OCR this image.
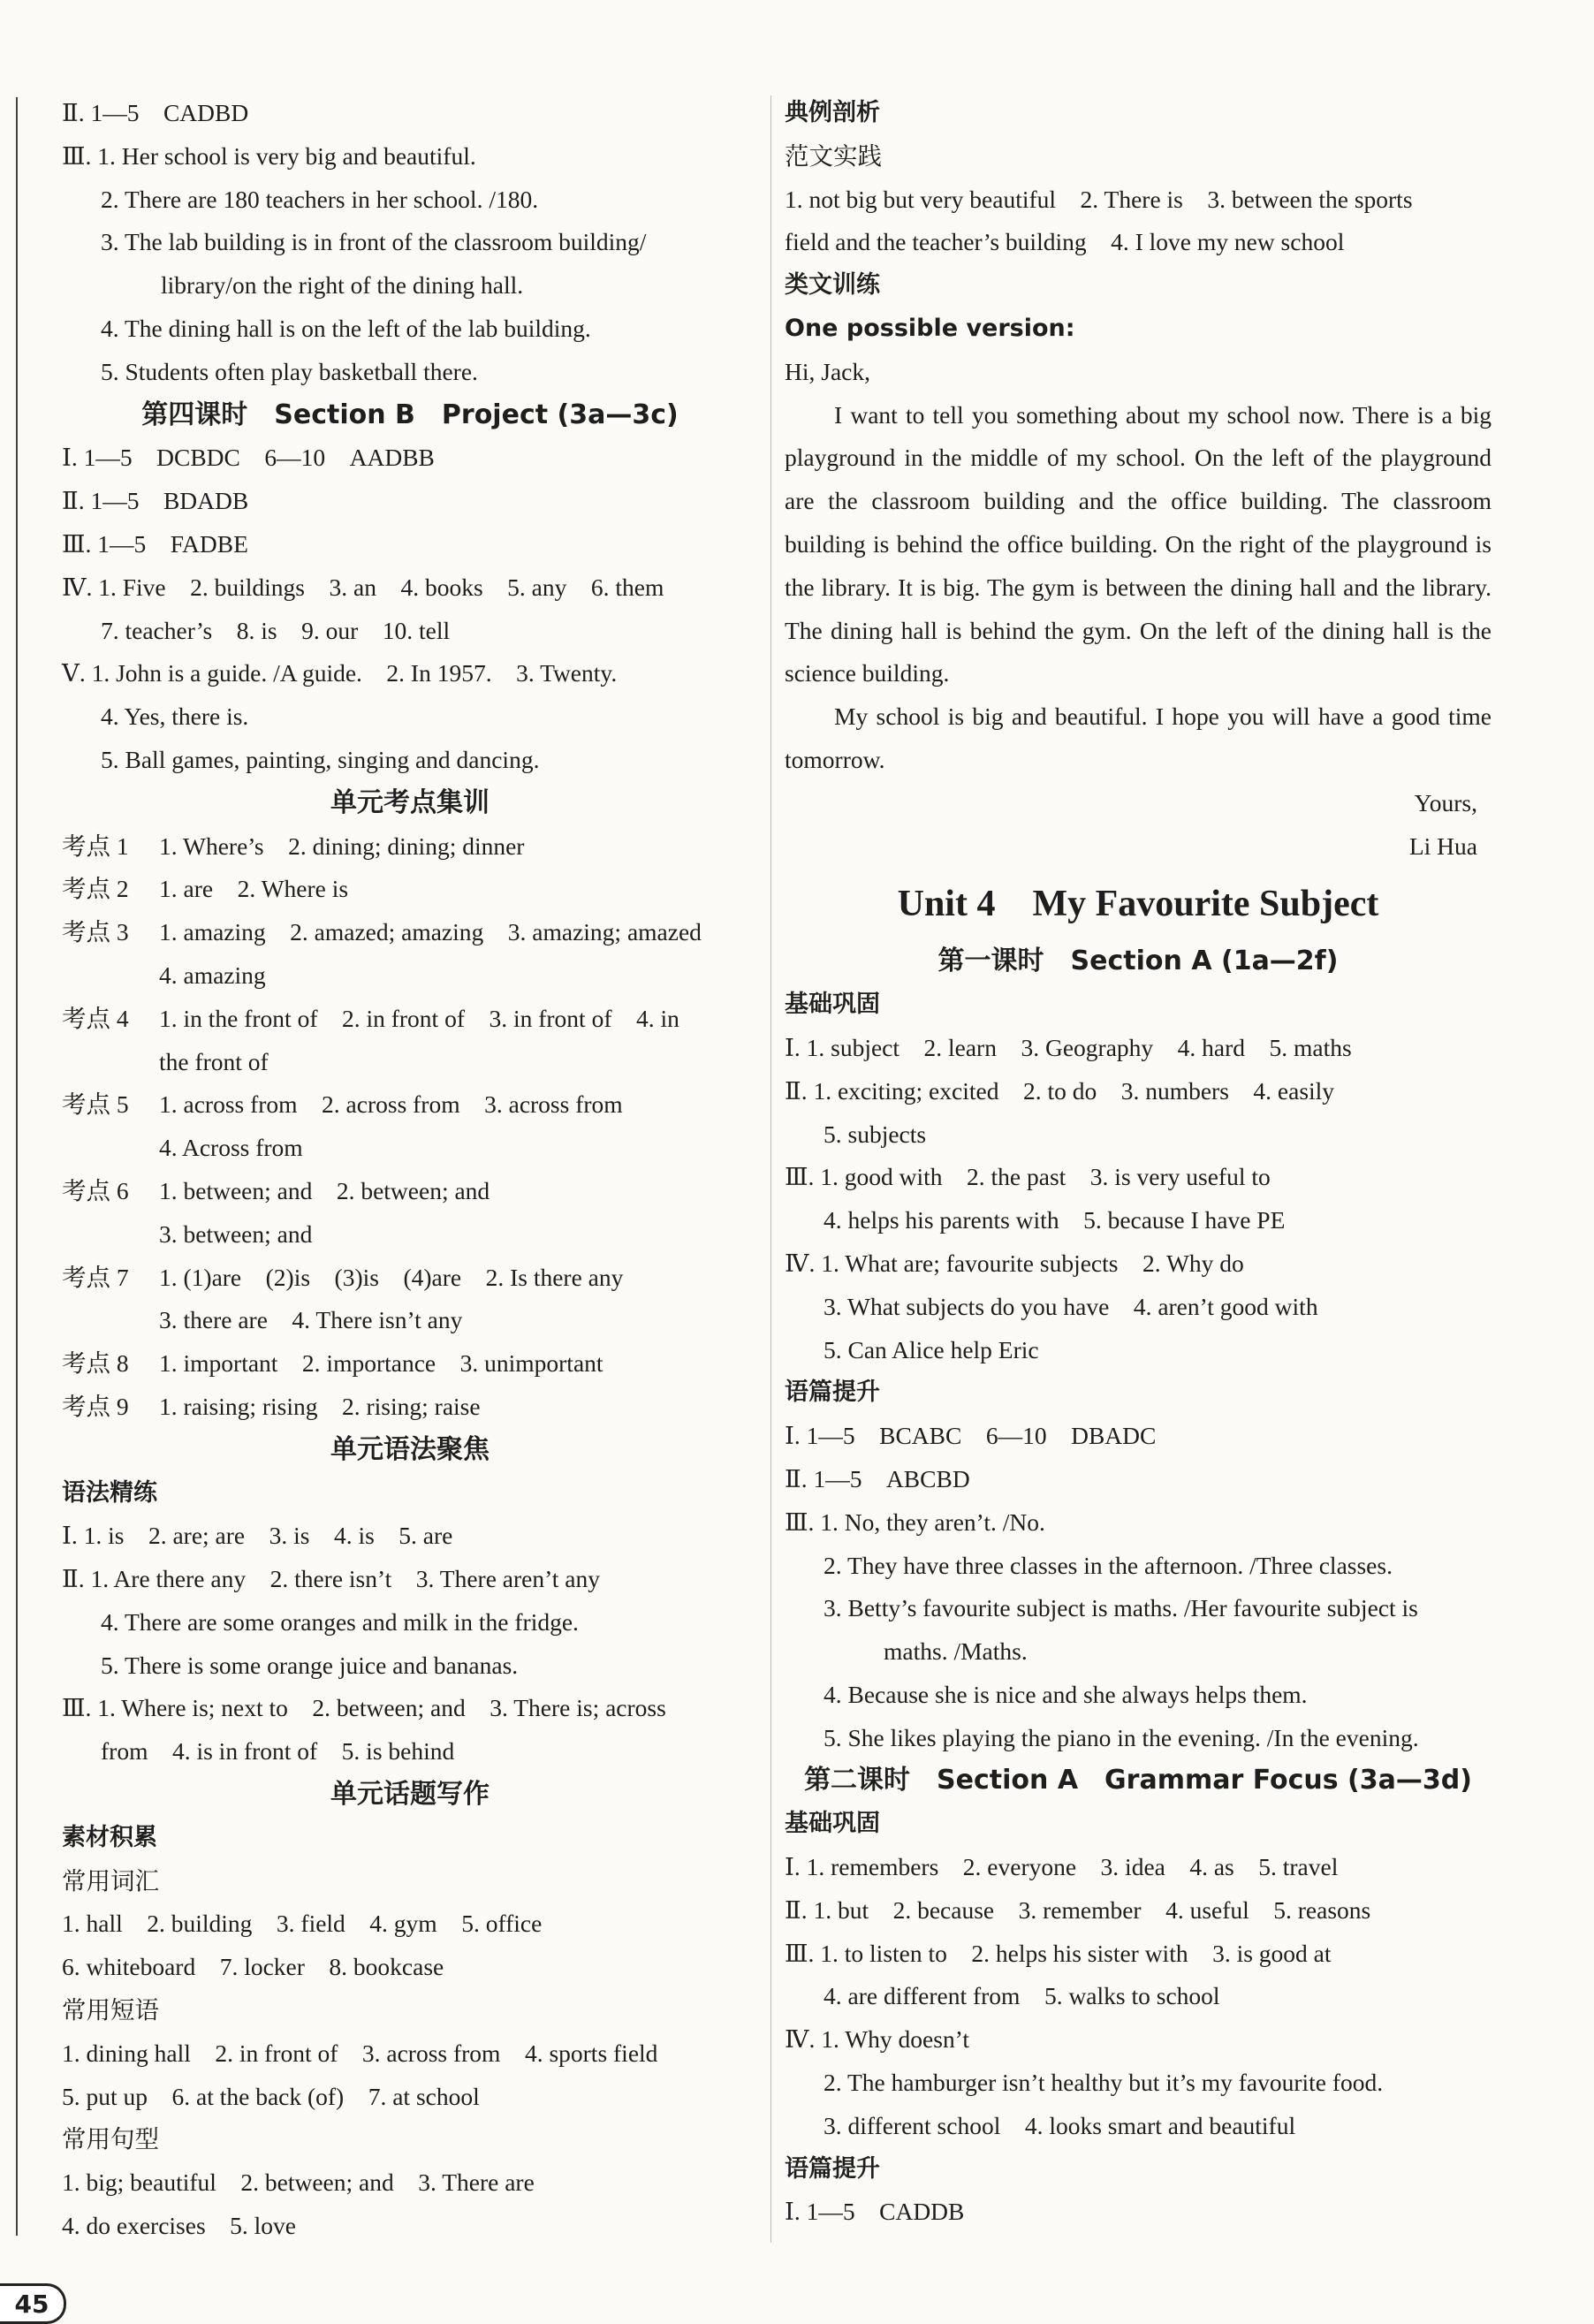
Ⅱ. 1—5　CADBD
Ⅲ. 1. Her school is very big and beautiful.
2. There are 180 teachers in her school. /180.
3. The lab building is in front of the classroom building/
library/on the right of the dining hall.
4. The dining hall is on the left of the lab building.
5. Students often play basketball there.
第四课时　Section B　Project (3a—3c)
Ⅰ. 1—5　DCBDC　6—10　AADBB
Ⅱ. 1—5　BDADB
Ⅲ. 1—5　FADBE
Ⅳ. 1. Five　2. buildings　3. an　4. books　5. any　6. them
7. teacher’s　8. is　9. our　10. tell
Ⅴ. 1. John is a guide. /A guide.　2. In 1957.　3. Twenty.
4. Yes, there is.
5. Ball games, painting, singing and dancing.
单元考点集训
考点 1 1. Where’s　2. dining; dining; dinner
考点 2 1. are　2. Where is
考点 3 1. amazing　2. amazed; amazing　3. amazing; amazed
4. amazing
考点 4 1. in the front of　2. in front of　3. in front of　4. in
the front of
考点 5 1. across from　2. across from　3. across from
4. Across from
考点 6 1. between; and　2. between; and
3. between; and
考点 7 1. (1)are　(2)is　(3)is　(4)are　2. Is there any
3. there are　4. There isn’t any
考点 8 1. important　2. importance　3. unimportant
考点 9 1. raising; rising　2. rising; raise
单元语法聚焦
语法精练
Ⅰ. 1. is　2. are; are　3. is　4. is　5. are
Ⅱ. 1. Are there any　2. there isn’t　3. There aren’t any
4. There are some oranges and milk in the fridge.
5. There is some orange juice and bananas.
Ⅲ. 1. Where is; next to　2. between; and　3. There is; across
from　4. is in front of　5. is behind
单元话题写作
素材积累
常用词汇
1. hall　2. building　3. field　4. gym　5. office
6. whiteboard　7. locker　8. bookcase
常用短语
1. dining hall　2. in front of　3. across from　4. sports field
5. put up　6. at the back (of)　7. at school
常用句型
1. big; beautiful　2. between; and　3. There are
4. do exercises　5. love
典例剖析
范文实践
1. not big but very beautiful　2. There is　3. between the sports
field and the teacher’s building　4. I love my new school
类文训练
One possible version:
Hi, Jack,
I want to tell you something about my school now. There is a big playground in the middle of my school. On the left of the playground are the classroom building and the office building. The classroom building is behind the office building. On the right of the playground is the library. It is big. The gym is between the dining hall and the library. The dining hall is behind the gym. On the left of the dining hall is the science building.
My school is big and beautiful. I hope you will have a good time tomorrow.
Yours,
Li Hua
Unit 4　My Favourite Subject
第一课时　Section A (1a—2f)
基础巩固
Ⅰ. 1. subject　2. learn　3. Geography　4. hard　5. maths
Ⅱ. 1. exciting; excited　2. to do　3. numbers　4. easily
5. subjects
Ⅲ. 1. good with　2. the past　3. is very useful to
4. helps his parents with　5. because I have PE
Ⅳ. 1. What are; favourite subjects　2. Why do
3. What subjects do you have　4. aren’t good with
5. Can Alice help Eric
语篇提升
Ⅰ. 1—5　BCABC　6—10　DBADC
Ⅱ. 1—5　ABCBD
Ⅲ. 1. No, they aren’t. /No.
2. They have three classes in the afternoon. /Three classes.
3. Betty’s favourite subject is maths. /Her favourite subject is
maths. /Maths.
4. Because she is nice and she always helps them.
5. She likes playing the piano in the evening. /In the evening.
第二课时　Section A　Grammar Focus (3a—3d)
基础巩固
Ⅰ. 1. remembers　2. everyone　3. idea　4. as　5. travel
Ⅱ. 1. but　2. because　3. remember　4. useful　5. reasons
Ⅲ. 1. to listen to　2. helps his sister with　3. is good at
4. are different from　5. walks to school
Ⅳ. 1. Why doesn’t
2. The hamburger isn’t healthy but it’s my favourite food.
3. different school　4. looks smart and beautiful
语篇提升
Ⅰ. 1—5　CADDB
45
